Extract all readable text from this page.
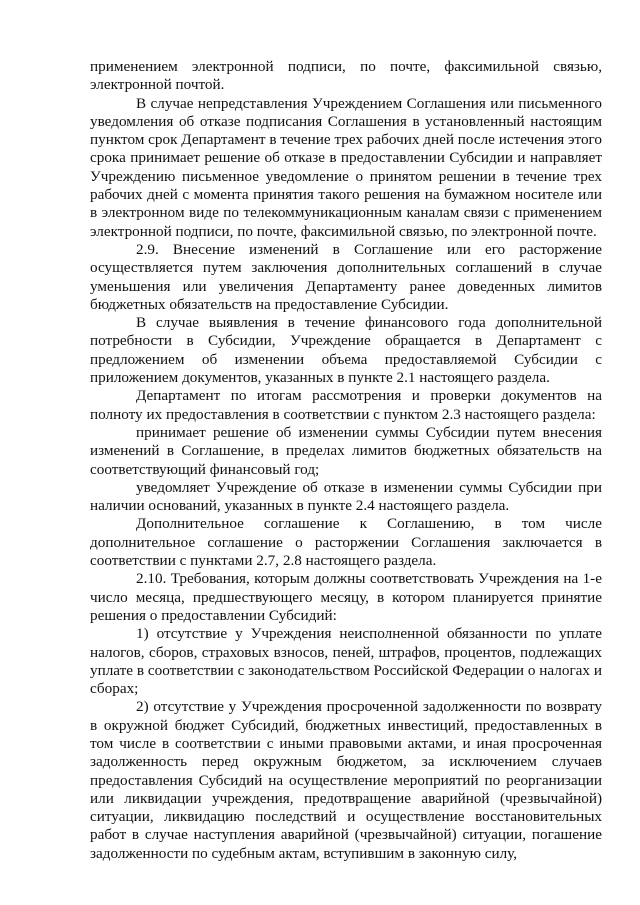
применением электронной подписи, по почте, факсимильной связью, электронной почтой.

В случае непредставления Учреждением Соглашения или письменного уведомления об отказе подписания Соглашения в установленный настоящим пунктом срок Департамент в течение трех рабочих дней после истечения этого срока принимает решение об отказе в предоставлении Субсидии и направляет Учреждению письменное уведомление о принятом решении в течение трех рабочих дней с момента принятия такого решения на бумажном носителе или в электронном виде по телекоммуникационным каналам связи с применением электронной подписи, по почте, факсимильной связью, по электронной почте.

2.9. Внесение изменений в Соглашение или его расторжение осуществляется путем заключения дополнительных соглашений в случае уменьшения или увеличения Департаменту ранее доведенных лимитов бюджетных обязательств на предоставление Субсидии.

В случае выявления в течение финансового года дополнительной потребности в Субсидии, Учреждение обращается в Департамент с предложением об изменении объема предоставляемой Субсидии с приложением документов, указанных в пункте 2.1 настоящего раздела.

Департамент по итогам рассмотрения и проверки документов на полноту их предоставления в соответствии с пунктом 2.3 настоящего раздела:

принимает решение об изменении суммы Субсидии путем внесения изменений в Соглашение, в пределах лимитов бюджетных обязательств на соответствующий финансовый год;

уведомляет Учреждение об отказе в изменении суммы Субсидии при наличии оснований, указанных в пункте 2.4 настоящего раздела.

Дополнительное соглашение к Соглашению, в том числе дополнительное соглашение о расторжении Соглашения заключается в соответствии с пунктами 2.7, 2.8 настоящего раздела.

2.10. Требования, которым должны соответствовать Учреждения на 1-е число месяца, предшествующего месяцу, в котором планируется принятие решения о предоставлении Субсидий:

1) отсутствие у Учреждения неисполненной обязанности по уплате налогов, сборов, страховых взносов, пеней, штрафов, процентов, подлежащих уплате в соответствии с законодательством Российской Федерации о налогах и сборах;

2) отсутствие у Учреждения просроченной задолженности по возврату в окружной бюджет Субсидий, бюджетных инвестиций, предоставленных в том числе в соответствии с иными правовыми актами, и иная просроченная задолженность перед окружным бюджетом, за исключением случаев предоставления Субсидий на осуществление мероприятий по реорганизации или ликвидации учреждения, предотвращение аварийной (чрезвычайной) ситуации, ликвидацию последствий и осуществление восстановительных работ в случае наступления аварийной (чрезвычайной) ситуации, погашение задолженности по судебным актам, вступившим в законную силу,
